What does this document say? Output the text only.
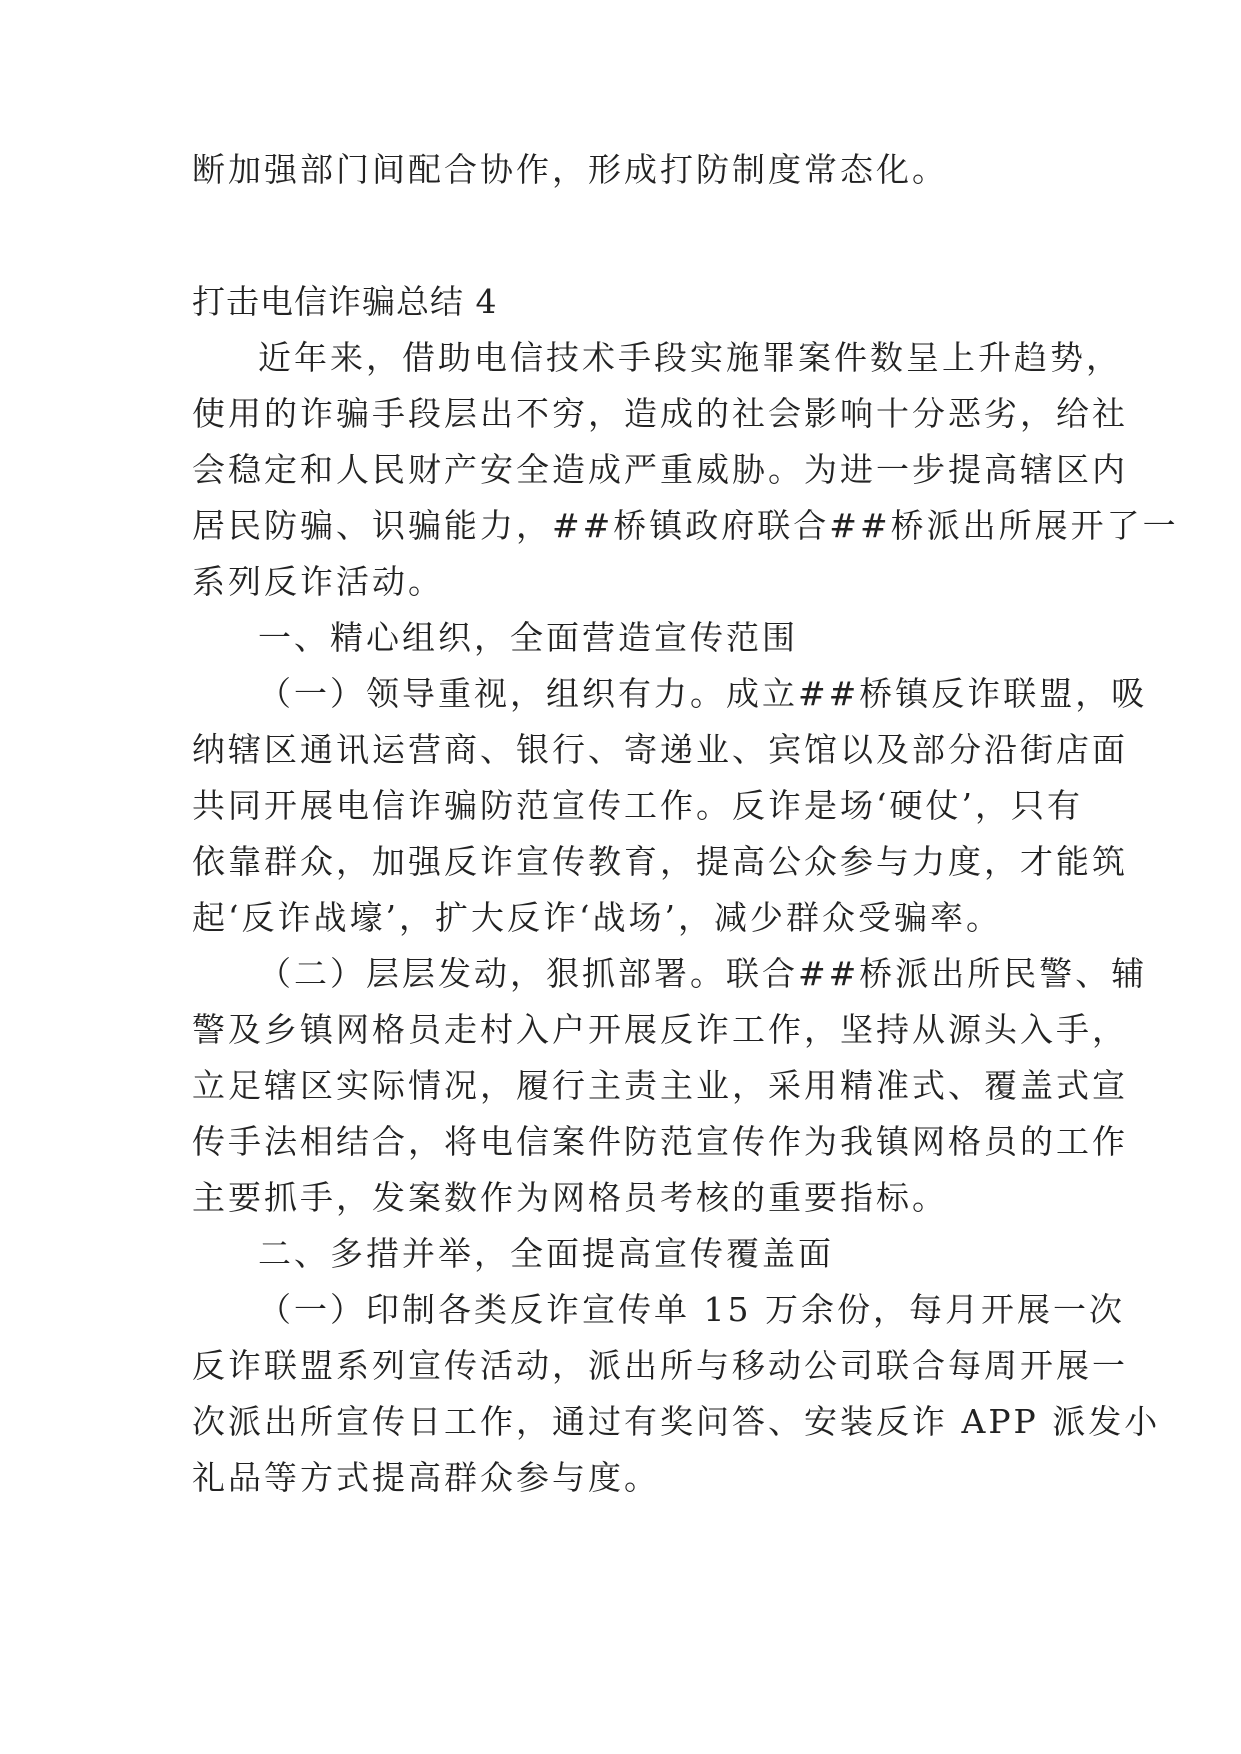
断加强部门间配合协作，形成打防制度常态化。
打击电信诈骗总结 4
近年来，借助电信技术手段实施罪案件数呈上升趋势，
使用的诈骗手段层出不穷，造成的社会影响十分恶劣，给社
会稳定和人民财产安全造成严重威胁。为进一步提高辖区内
居民防骗、识骗能力，##桥镇政府联合##桥派出所展开了一
系列反诈活动。
一、精心组织，全面营造宣传范围
（一）领导重视，组织有力。成立##桥镇反诈联盟，吸
纳辖区通讯运营商、银行、寄递业、宾馆以及部分沿街店面
共同开展电信诈骗防范宣传工作。反诈是场‘硬仗’，只有
依靠群众，加强反诈宣传教育，提高公众参与力度，才能筑
起‘反诈战壕’，扩大反诈‘战场’，减少群众受骗率。
（二）层层发动，狠抓部署。联合##桥派出所民警、辅
警及乡镇网格员走村入户开展反诈工作，坚持从源头入手，
立足辖区实际情况，履行主责主业，采用精准式、覆盖式宣
传手法相结合，将电信案件防范宣传作为我镇网格员的工作
主要抓手，发案数作为网格员考核的重要指标。
二、多措并举，全面提高宣传覆盖面
（一）印制各类反诈宣传单 15 万余份，每月开展一次
反诈联盟系列宣传活动，派出所与移动公司联合每周开展一
次派出所宣传日工作，通过有奖问答、安装反诈 APP 派发小
礼品等方式提高群众参与度。
